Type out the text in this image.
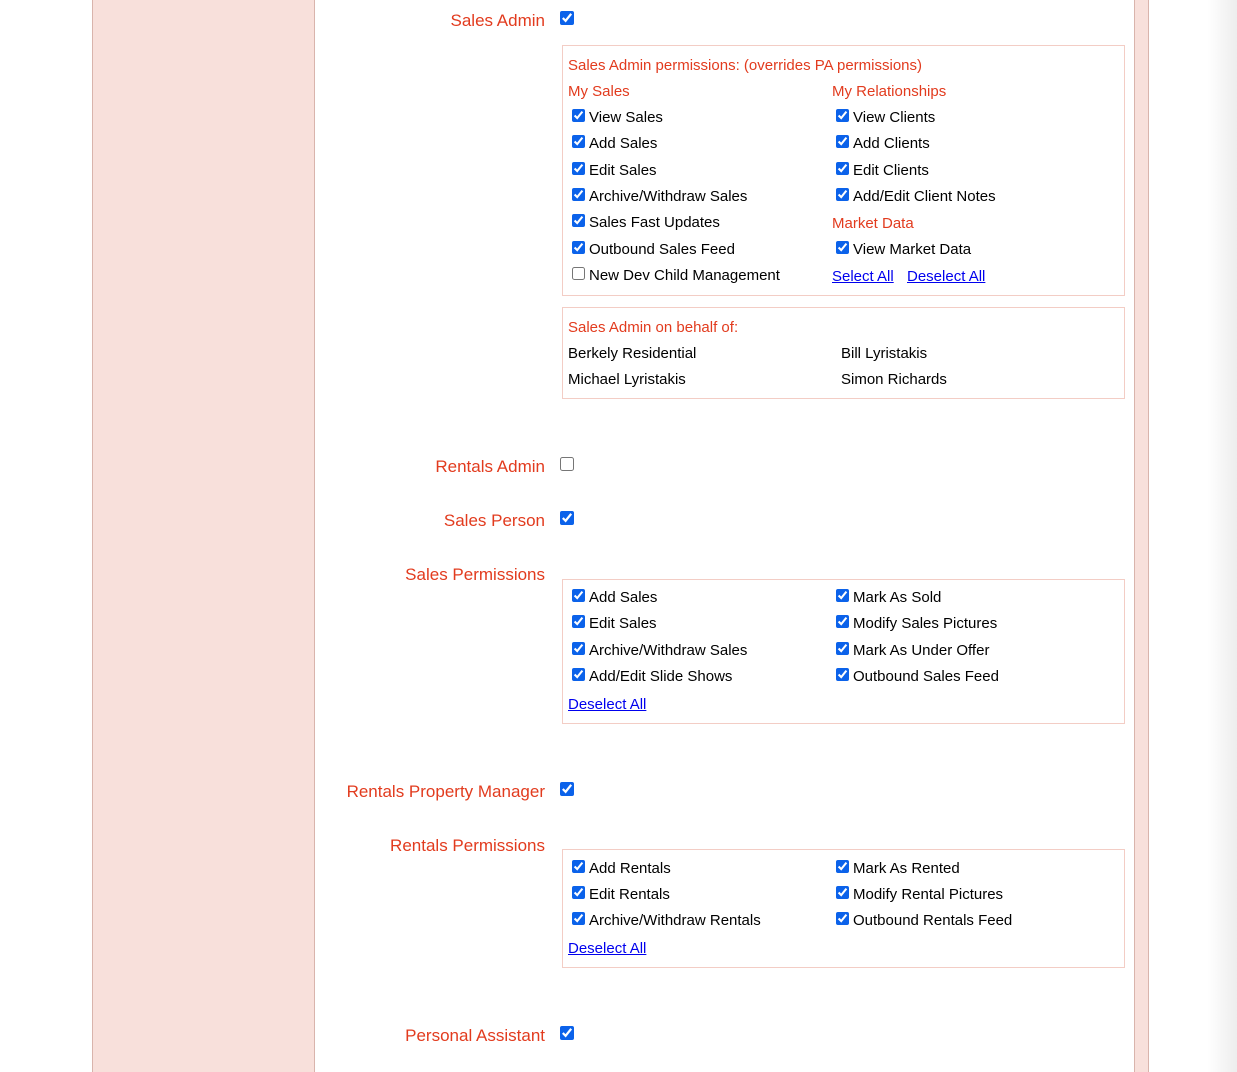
Sales Admin
Sales Admin permissions: (overrides PA permissions)
My Sales
View Sales
Add Sales
Edit Sales
Archive/Withdraw Sales
Sales Fast Updates
Outbound Sales Feed
New Dev Child Management
My Relationships
View Clients
Add Clients
Edit Clients
Add/Edit Client Notes
Market Data
View Market Data
Select All Deselect All
Sales Admin on behalf of:
Berkely Residential	Bill Lyristakis
Michael Lyristakis	Simon Richards
Rentals Admin
Sales Person
Sales Permissions
Add Sales
Edit Sales
Archive/Withdraw Sales
Add/Edit Slide Shows
Mark As Sold
Modify Sales Pictures
Mark As Under Offer
Outbound Sales Feed
Deselect All
Rentals Property Manager
Rentals Permissions
Add Rentals
Edit Rentals
Archive/Withdraw Rentals
Mark As Rented
Modify Rental Pictures
Outbound Rentals Feed
Deselect All
Personal Assistant
